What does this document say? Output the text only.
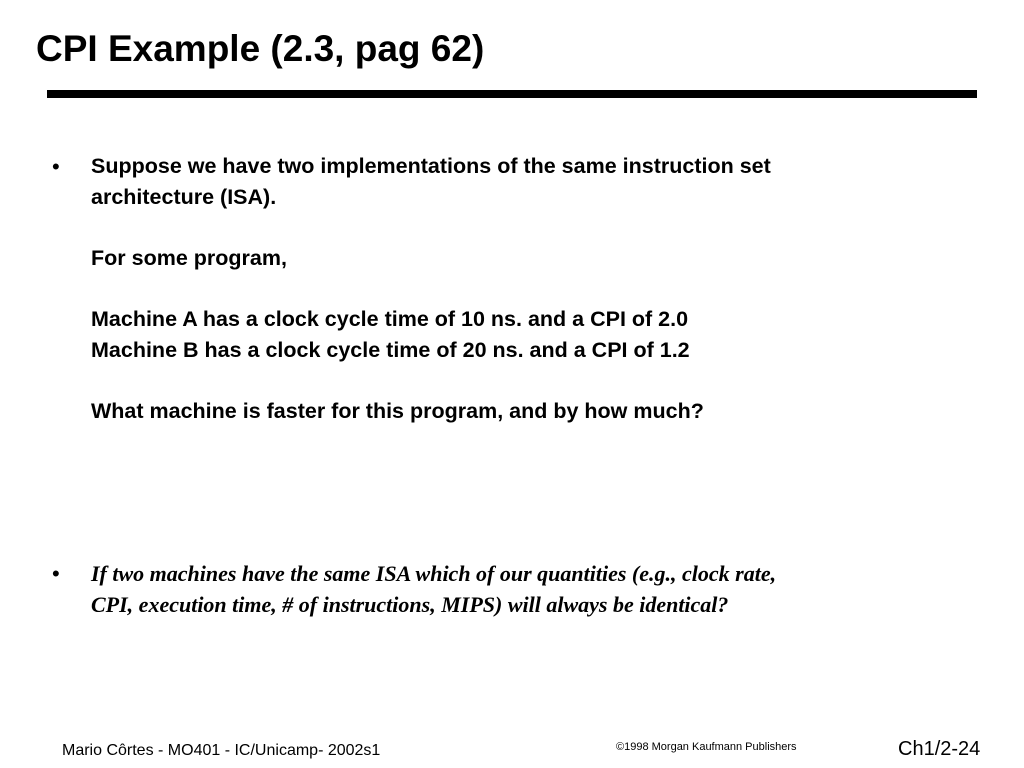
CPI Example (2.3, pag 62)
• Suppose we have two implementations of the same instruction set

architecture (ISA).

For some program,

Machine A has a clock cycle time of 10 ns. and a CPI of 2.0

Machine B has a clock cycle time of 20 ns. and a CPI of 1.2

What machine is faster for this program, and by how much?

• If two machines have the same ISA which of our quantities (e.g., clock rate,

CPI, execution time, # of instructions, MIPS) will always be identical?

Mario Côrtes - MO401 - IC/Unicamp- 2002s1	©1998 Morgan Kaufmann Publishers	Ch1/2-24
